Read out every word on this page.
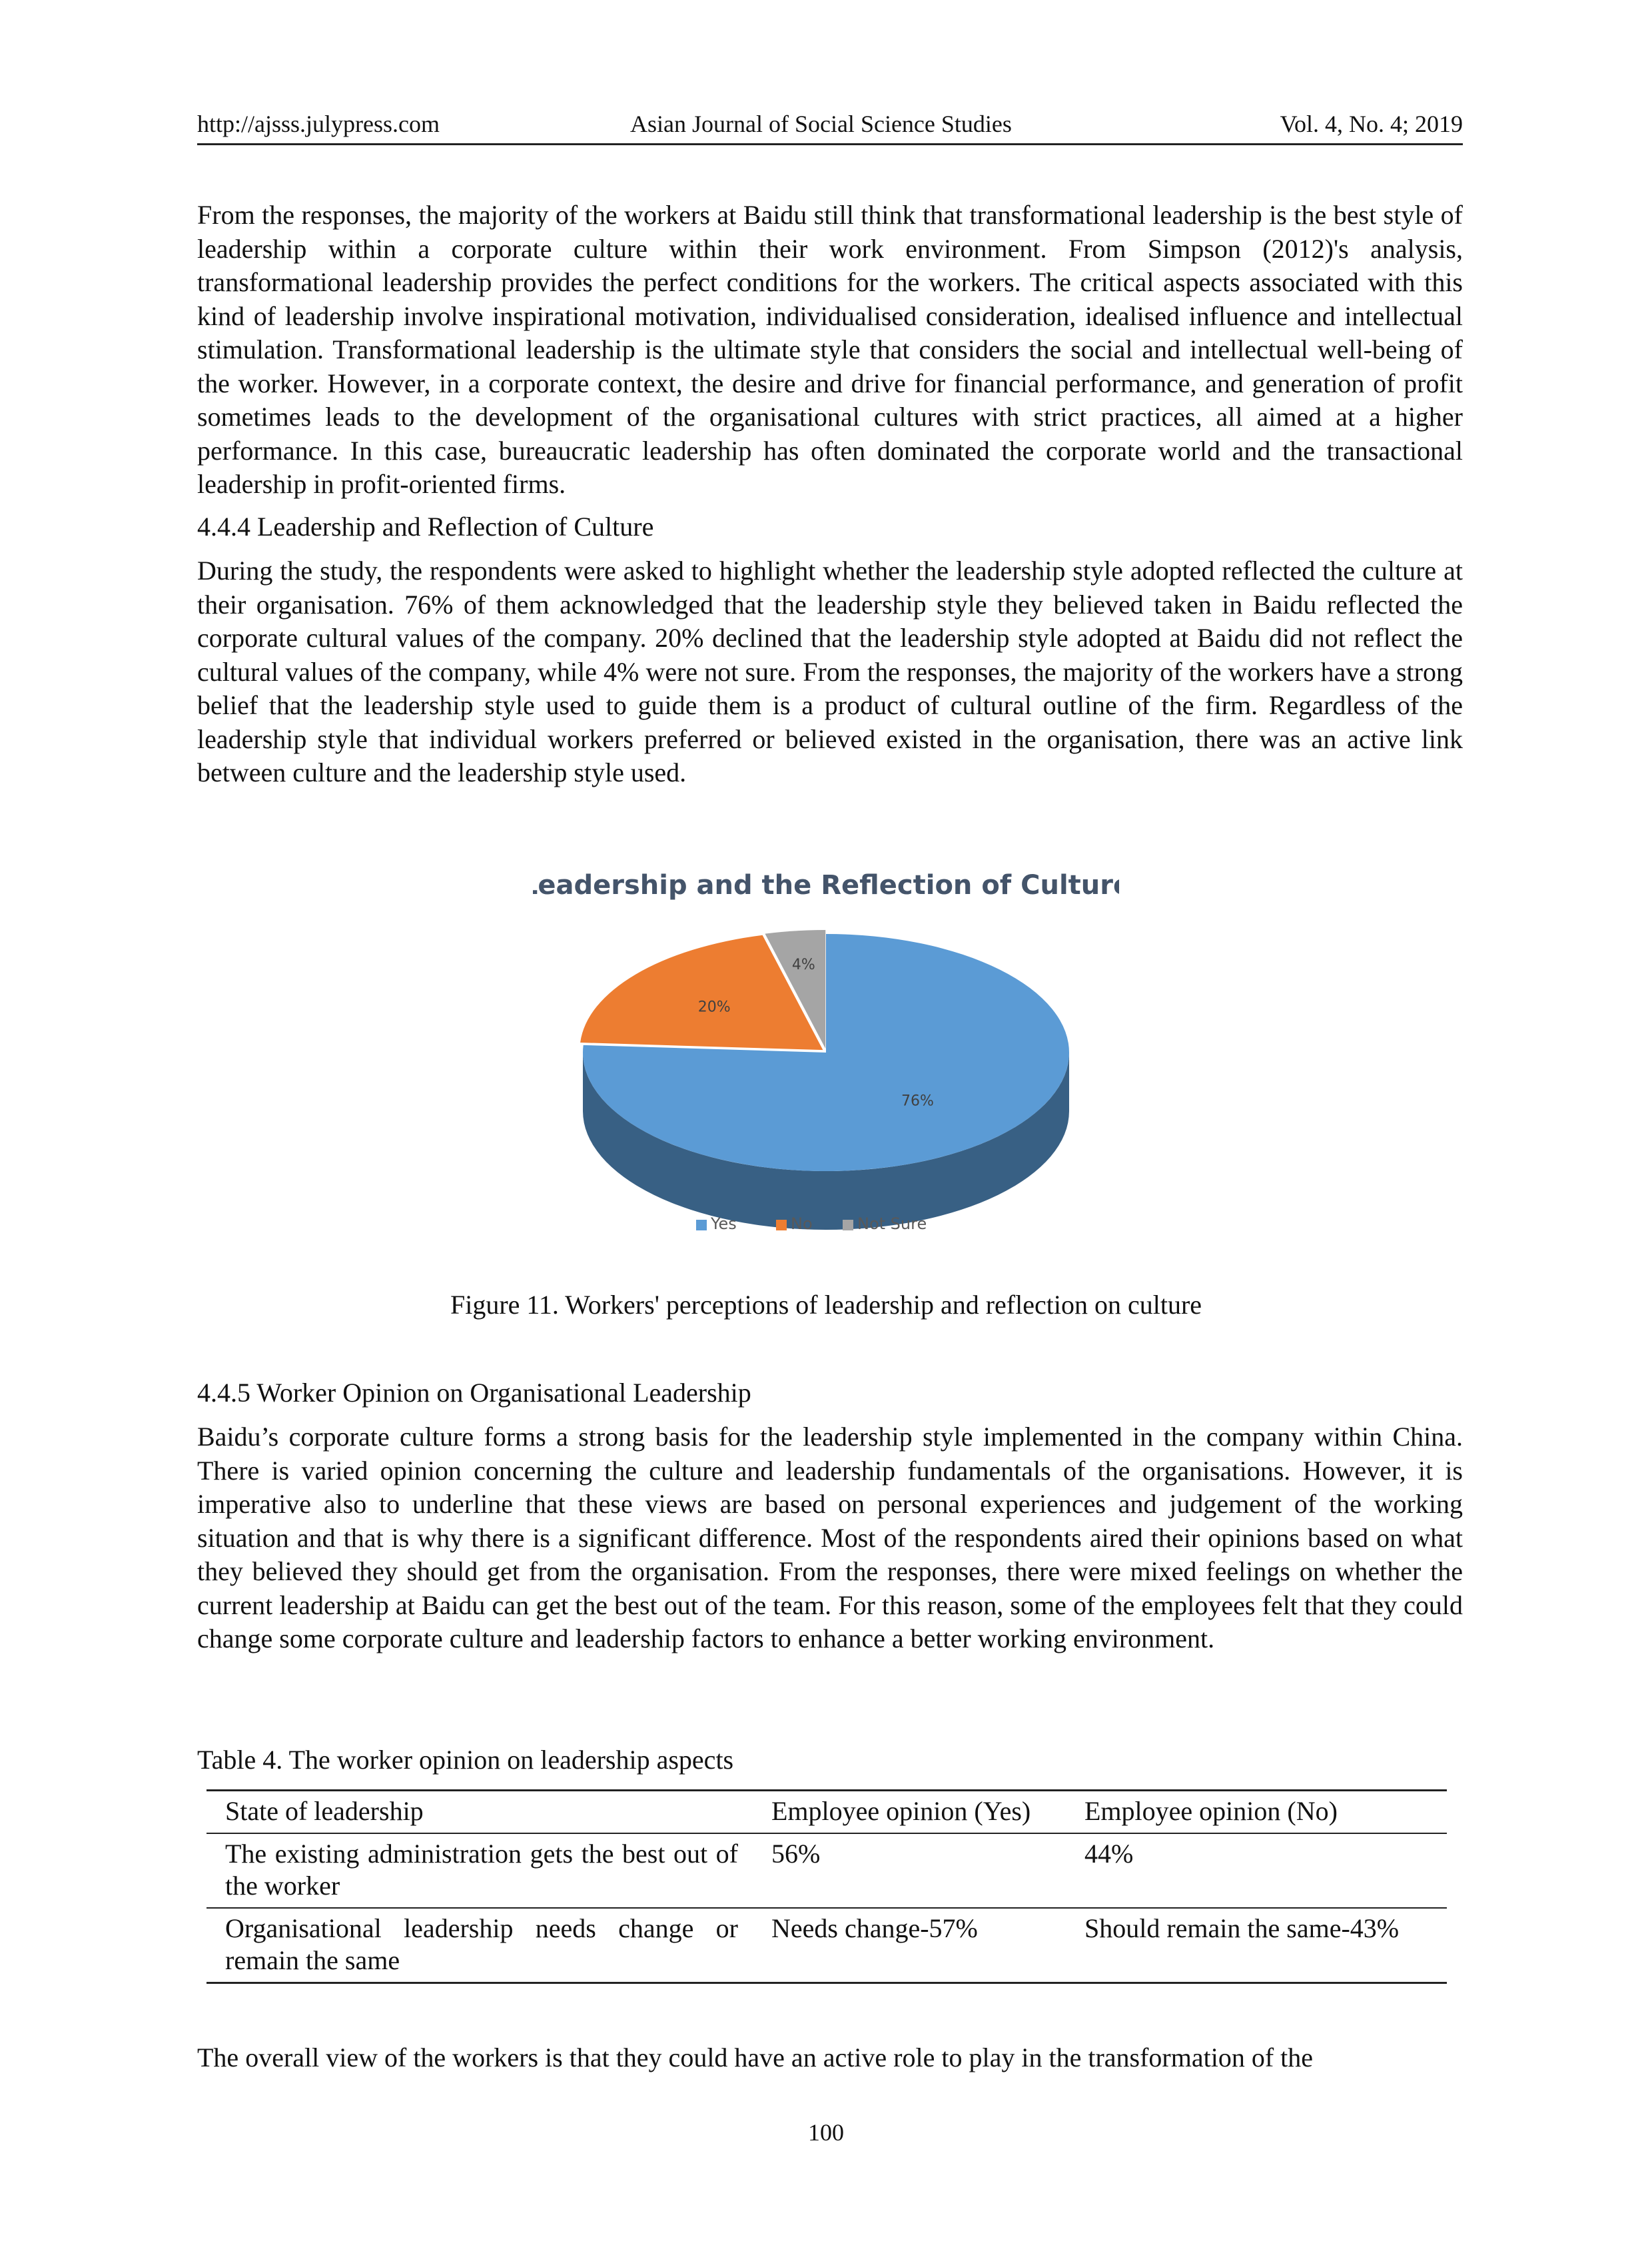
http://ajsss.julypress.com	Asian Journal of Social Science Studies	Vol. 4, No. 4; 2019
From the responses, the majority of the workers at Baidu still think that transformational leadership is the best style of leadership within a corporate culture within their work environment. From Simpson (2012)'s analysis, transformational leadership provides the perfect conditions for the workers. The critical aspects associated with this kind of leadership involve inspirational motivation, individualised consideration, idealised influence and intellectual stimulation. Transformational leadership is the ultimate style that considers the social and intellectual well-being of the worker. However, in a corporate context, the desire and drive for financial performance, and generation of profit sometimes leads to the development of the organisational cultures with strict practices, all aimed at a higher performance. In this case, bureaucratic leadership has often dominated the corporate world and the transactional leadership in profit-oriented firms.
4.4.4 Leadership and Reflection of Culture
During the study, the respondents were asked to highlight whether the leadership style adopted reflected the culture at their organisation. 76% of them acknowledged that the leadership style they believed taken in Baidu reflected the corporate cultural values of the company. 20% declined that the leadership style adopted at Baidu did not reflect the cultural values of the company, while 4% were not sure. From the responses, the majority of the workers have a strong belief that the leadership style used to guide them is a product of cultural outline of the firm. Regardless of the leadership style that individual workers preferred or believed existed in the organisation, there was an active link between culture and the leadership style used.
Leadership and the Reflection of Culture
76%
20%
4%
Yes	No	Not Sure
Figure 11. Workers' perceptions of leadership and reflection on culture
4.4.5 Worker Opinion on Organisational Leadership
Baidu’s corporate culture forms a strong basis for the leadership style implemented in the company within China. There is varied opinion concerning the culture and leadership fundamentals of the organisations. However, it is imperative also to underline that these views are based on personal experiences and judgement of the working situation and that is why there is a significant difference. Most of the respondents aired their opinions based on what they believed they should get from the organisation. From the responses, there were mixed feelings on whether the current leadership at Baidu can get the best out of the team. For this reason, some of the employees felt that they could change some corporate culture and leadership factors to enhance a better working environment.
Table 4. The worker opinion on leadership aspects
State of leadership	Employee opinion (Yes)	Employee opinion (No)
The existing administration gets the best out of the worker	56%	44%
Organisational leadership needs change or remain the same	Needs change-57%	Should remain the same-43%
The overall view of the workers is that they could have an active role to play in the transformation of the
100
